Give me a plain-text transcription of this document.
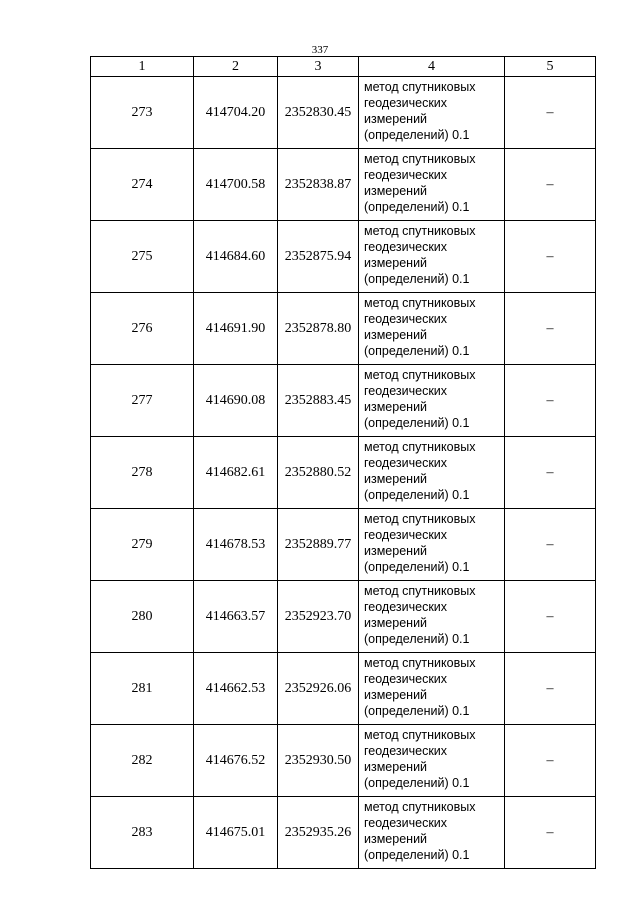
337
1	2	3	4	5
273	414704.20	2352830.45	метод спутниковых
геодезических
измерений
(определений) 0.1	–
274	414700.58	2352838.87	метод спутниковых
геодезических
измерений
(определений) 0.1	–
275	414684.60	2352875.94	метод спутниковых
геодезических
измерений
(определений) 0.1	–
276	414691.90	2352878.80	метод спутниковых
геодезических
измерений
(определений) 0.1	–
277	414690.08	2352883.45	метод спутниковых
геодезических
измерений
(определений) 0.1	–
278	414682.61	2352880.52	метод спутниковых
геодезических
измерений
(определений) 0.1	–
279	414678.53	2352889.77	метод спутниковых
геодезических
измерений
(определений) 0.1	–
280	414663.57	2352923.70	метод спутниковых
геодезических
измерений
(определений) 0.1	–
281	414662.53	2352926.06	метод спутниковых
геодезических
измерений
(определений) 0.1	–
282	414676.52	2352930.50	метод спутниковых
геодезических
измерений
(определений) 0.1	–
283	414675.01	2352935.26	метод спутниковых
геодезических
измерений
(определений) 0.1	–
